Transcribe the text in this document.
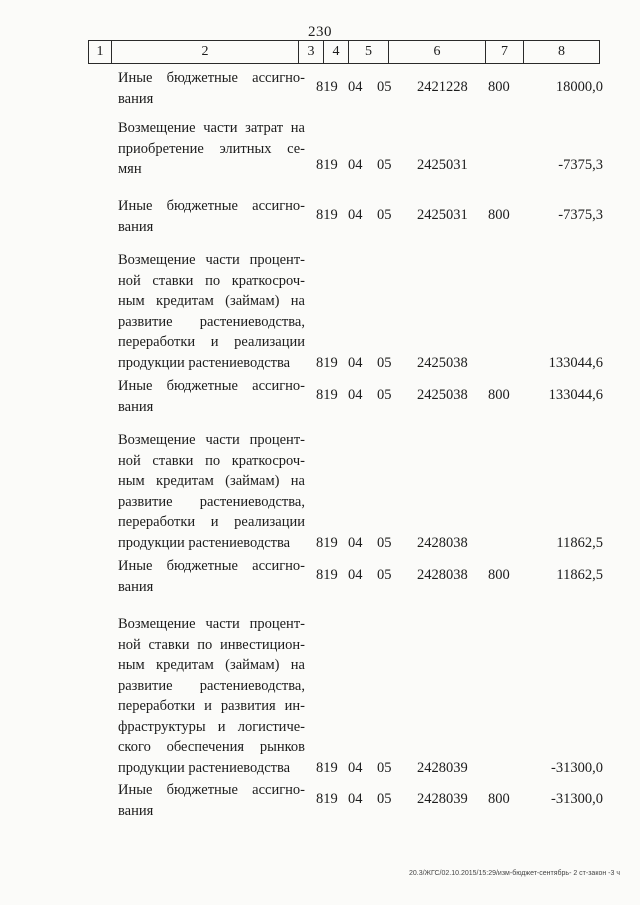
230
1	2	3	4	5	6	7	8
Иные бюджетные ассигно-
вания
819 04 05 2421228 800	18000,0
Возмещение части затрат на
приобретение элитных се-
мян	819 04 05 2425031	-7375,3
Иные бюджетные ассигно-
вания
819 04 05 2425031 800	-7375,3
Возмещение части процент-
ной ставки по краткосроч-
ным кредитам (займам) на
развитие растениеводства,
переработки и реализации
продукции растениеводства	819 04 05 2425038	133044,6
Иные бюджетные ассигно-
вания
819 04 05 2425038 800	133044,6
Возмещение части процент-
ной ставки по краткосроч-
ным кредитам (займам) на
развитие растениеводства,
переработки и реализации
продукции растениеводства	819 04 05 2428038	11862,5
Иные бюджетные ассигно-
вания
819 04 05 2428038 800	11862,5
Возмещение части процент-
ной ставки по инвестицион-
ным кредитам (займам) на
развитие растениеводства,
переработки и развития ин-
фраструктуры и логистиче-
ского обеспечения рынков
продукции растениеводства	819 04 05 2428039	-31300,0
Иные бюджетные ассигно-
вания
819 04 05 2428039 800	-31300,0
20.3/ЖГС/02.10.2015/15:29/изм-бюджет-сентябрь- 2 ст-закон -3 ч
